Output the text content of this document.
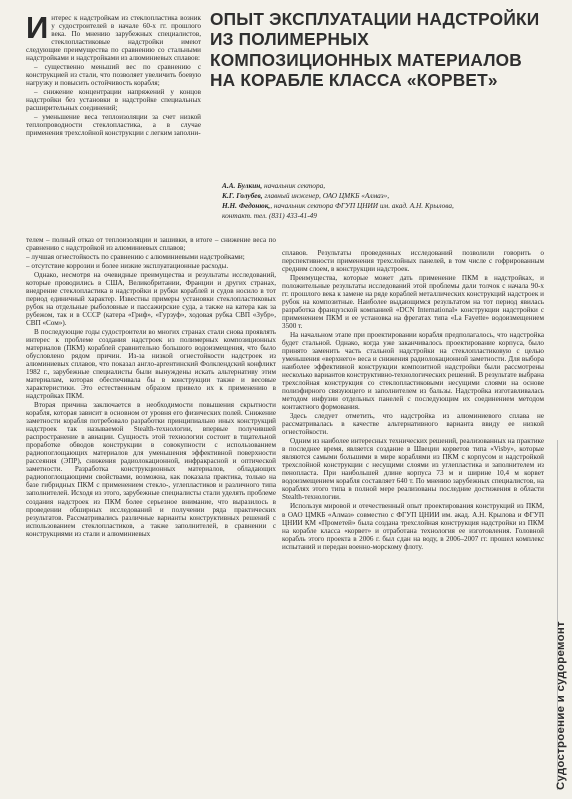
Интерес к надстройкам из стеклопластика возник у судостроителей в начале 60-х гг. прошлого века. По мнению зарубежных специалистов, стеклопластиковые надстройки имеют следующие преимущества по сравнению со стальными надстройками и надстройками из алюминиевых сплавов:

– существенно меньший вес по сравнению с конструкцией из стали, что позволяет увеличить боевую нагрузку и повысить остойчивость корабля;

– снижение концентрации напряжений у концов надстройки без установки в надстройке специальных расширительных соединений;

– уменьшение веса теплоизоляции за счет низкой теплопроводности стеклопластика, а в случае применения трехслойной конструкции с легким заполни-

ОПЫТ ЭКСПЛУАТАЦИИ НАДСТРОЙКИ ИЗ ПОЛИМЕРНЫХ КОМПОЗИЦИОННЫХ МАТЕРИАЛОВ НА КОРАБЛЕ КЛАССА «КОРВЕТ»
А.А. Булкин, начальник сектора,
К.Г. Голубев, главный инженер, ОАО ЦМКБ «Алмаз»,
Н.Н. Федонюк,, начальник сектора ФГУП ЦНИИ им. акад. А.Н. Крылова,
контакт. тел. (831) 433-41-49

телем – полный отказ от теплоизоляции и зашивки, в итоге – снижение веса по сравнению с надстройкой из алюминиевых сплавов;

– лучшая огнестойкость по сравнению с алюминиевыми надстройками;

– отсутствие коррозии и более низкие эксплуатационные расходы.

Однако, несмотря на очевидные преимущества и результаты исследований, которые проводились в США, Великобритании, Франции и других странах, внедрение стеклопластика в надстройки и рубки кораблей и судов носило в тот период единичный характер. Известны примеры установки стеклопластиковых рубок на отдельные рыболовные и пассажирские суда, а также на катера как за рубежом, так и в СССР (катера «Гриф», «Гурзуф», ходовая рубка СВП «Зубр», СВП «Сом»).

В последующие годы судостроители во многих странах стали снова проявлять интерес к проблеме создания надстроек из полимерных композиционных материалов (ПКМ) кораблей сравнительно большого водоизмещения, что было обусловлено рядом причин. Из-за низкой огнестойкости надстроек из алюминиевых сплавов, что показал англо-аргентинский Фолклендский конфликт 1982 г., зарубежные специалисты были вынуждены искать альтернативу этим материалам, которая обеспечивала бы в конструкции также и весовые характеристики. Это естественным образом привело их к применению в надстройках ПКМ.

Вторая причина заключается в необходимости повышения скрытности корабля, которая зависит в основном от уровня его физических полей. Снижение заметности корабля потребовало разработки принципиально иных конструкций надстроек так называемой Stealth-технологии, впервые получившей распространение в авиации. Сущность этой технологии состоит в тщательной проработке обводов конструкции в совокупности с использованием радиопоглощающих материалов для уменьшения эффективной поверхности рассеяния (ЭПР), снижения радиолокационной, инфракрасной и оптической заметности. Разработка конструкционных материалов, обладающих радиопоглощающими свойствами, возможна, как показала практика, только на базе гибридных ПКМ с применением стекло-, углепластиков и различного типа заполнителей. Исходя из этого, зарубежные специалисты стали уделять проблеме создания надстроек из ПКМ более серьезное внимание, что выразилось в проведении обширных исследований и получении ряда практических результатов. Рассматривались различные варианты конструктивных решений с использованием стеклопластиков, а также заполнителей, в сравнении с конструкциями из стали и алюминиевых

сплавов. Результаты проведенных исследований позволили говорить о перспективности применения трехслойных панелей, в том числе с гофрированным средним слоем, в конструкции надстроек.

Преимущества, которые может дать применение ПКМ в надстройках, и положительные результаты исследований этой проблемы дали толчок с начала 90-х гг. прошлого века к замене на ряде кораблей металлических конструкций надстроек и рубок на композитные. Наиболее выдающимся результатом на тот период явилась разработка французской компанией «DCN International» конструкции надстройки с применением ПКМ и ее установка на фрегатах типа «La Fayette» водоизмещением 3500 т.

На начальном этапе при проектировании корабля предполагалось, что надстройка будет стальной. Однако, когда уже заканчивалось проектирование корпуса, было принято заменить часть стальной надстройки на стеклопластиковую с целью уменьшения «верхнего» веса и снижения радиолокационной заметности. Для выбора наиболее эффективной конструкции композитной надстройки были рассмотрены несколько вариантов конструктивно-технологических решений. В результате выбрана трехслойная конструкция со стеклопластиковыми несущими слоями на основе полиэфирного связующего и заполнителем из бальзы. Надстройка изготавливалась методом инфузии отдельных панелей с последующим их соединением методом контактного формования.

Здесь следует отметить, что надстройка из алюминиевого сплава не рассматривалась в качестве альтернативного варианта ввиду ее низкой огнестойкости.

Одним из наиболее интересных технических решений, реализованных на практике в последнее время, является создание в Швеции корветов типа «Visby», которые являются самыми большими в мире кораблями из ПКМ с корпусом и надстройкой трехслойной конструкции с несущими слоями из углепластика и заполнителем из пенопласта. При наибольшей длине корпуса 73 м и ширине 10,4 м корвет водоизмещением корабля составляет 640 т. По мнению зарубежных специалистов, на кораблях этого типа в полной мере реализованы последние достижения в области Stealth-технологии.

Используя мировой и отечественный опыт проектирования конструкций из ПКМ, в ОАО ЦМКБ «Алмаз» совместно с ФГУП ЦНИИ им. акад. А.Н. Крылова и ФГУП ЦНИИ КМ «Прометей» была создана трехслойная конструкция надстройки из ПКМ на корабле класса «корвет» и отработана технология ее изготовления. Головной корабль этого проекта в 2006 г. был сдан на воду, в 2006–2007 гг. прошел комплекс испытаний и передан военно-морскому флоту.

Судостроение и судоремонт
